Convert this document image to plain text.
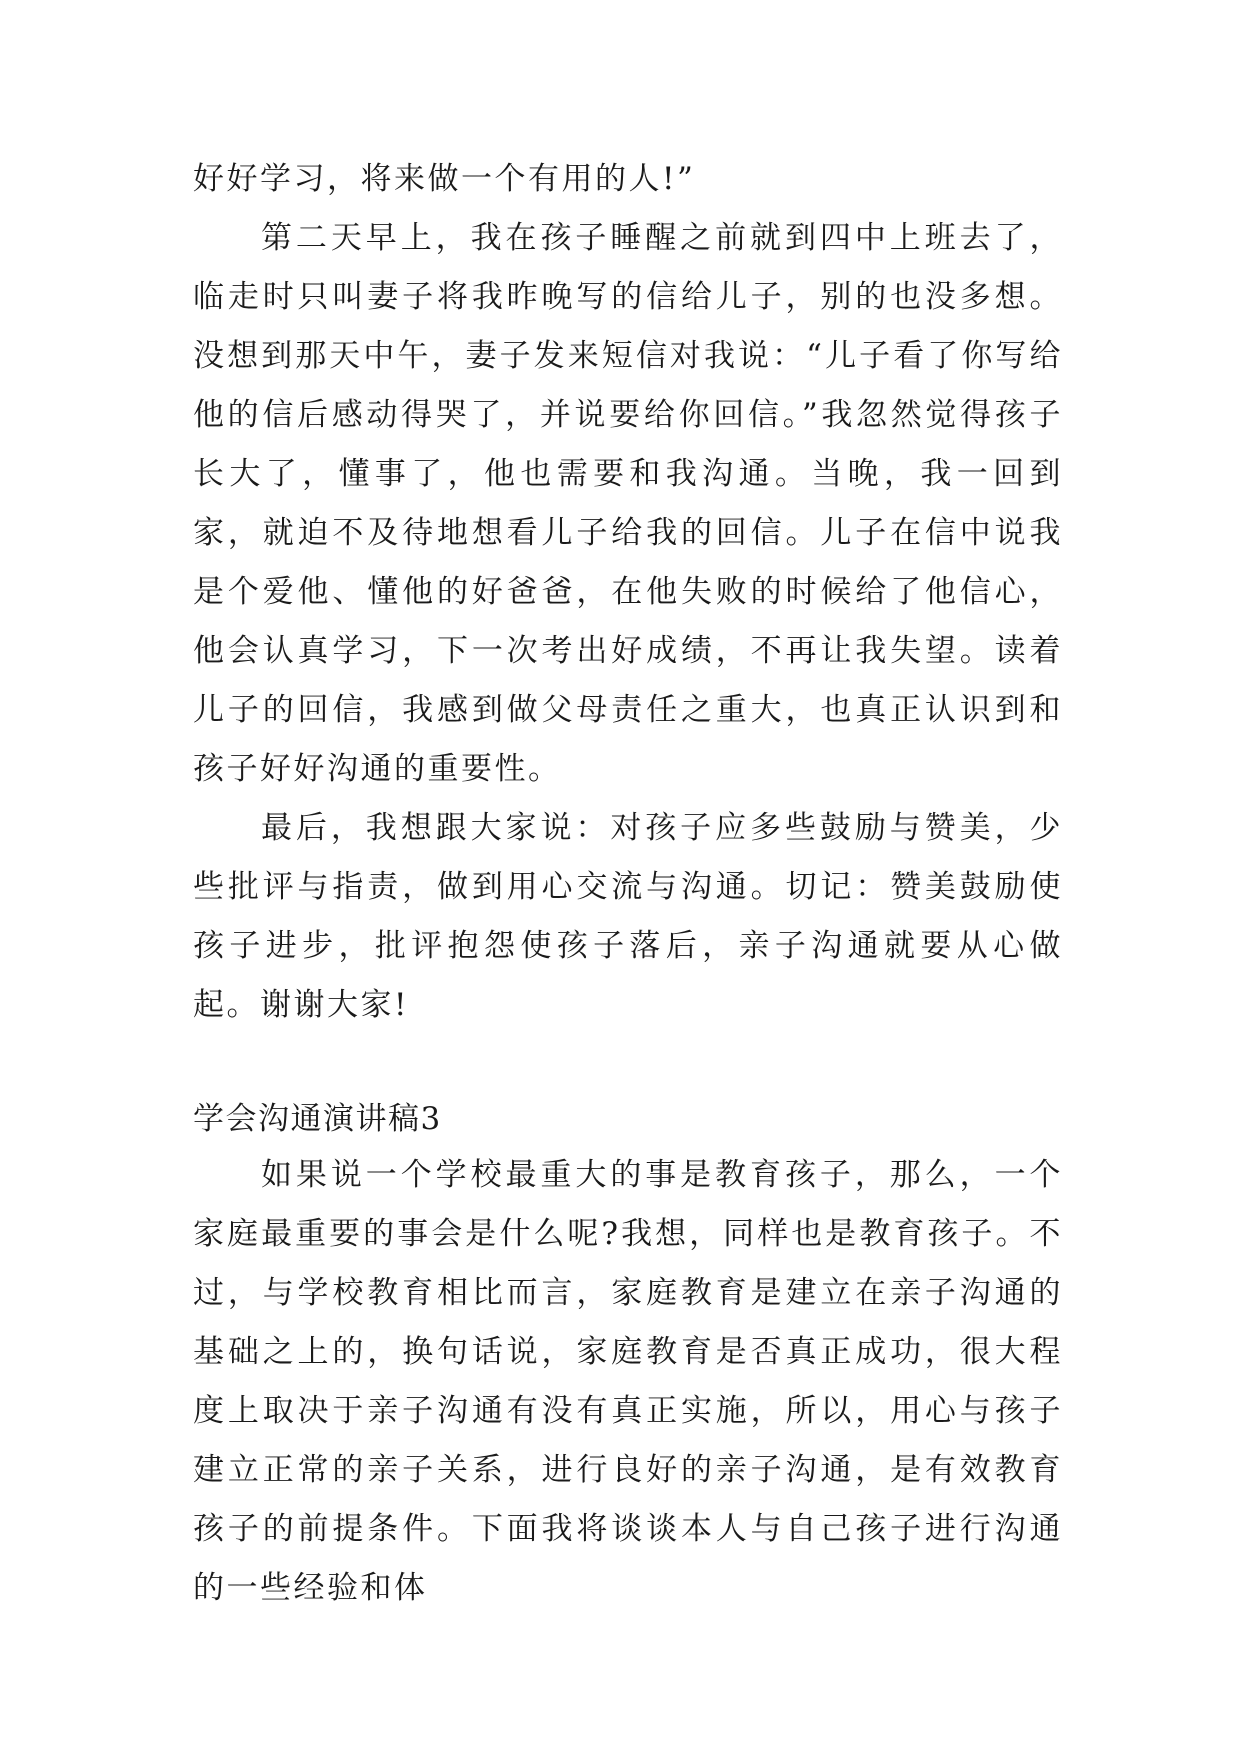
好好学习，将来做一个有用的人!”

第二天早上，我在孩子睡醒之前就到四中上班去了，临走时只叫妻子将我昨晚写的信给儿子，别的也没多想。没想到那天中午，妻子发来短信对我说：“儿子看了你写给他的信后感动得哭了，并说要给你回信。”我忽然觉得孩子长大了，懂事了，他也需要和我沟通。当晚，我一回到家，就迫不及待地想看儿子给我的回信。儿子在信中说我是个爱他、懂他的好爸爸，在他失败的时候给了他信心，他会认真学习，下一次考出好成绩，不再让我失望。读着儿子的回信，我感到做父母责任之重大，也真正认识到和孩子好好沟通的重要性。

最后，我想跟大家说：对孩子应多些鼓励与赞美，少些批评与指责，做到用心交流与沟通。切记：赞美鼓励使孩子进步，批评抱怨使孩子落后，亲子沟通就要从心做起。谢谢大家!

学会沟通演讲稿3

如果说一个学校最重大的事是教育孩子，那么，一个家庭最重要的事会是什么呢?我想，同样也是教育孩子。不过，与学校教育相比而言，家庭教育是建立在亲子沟通的基础之上的，换句话说，家庭教育是否真正成功，很大程度上取决于亲子沟通有没有真正实施，所以，用心与孩子建立正常的亲子关系，进行良好的亲子沟通，是有效教育孩子的前提条件。下面我将谈谈本人与自己孩子进行沟通的一些经验和体
